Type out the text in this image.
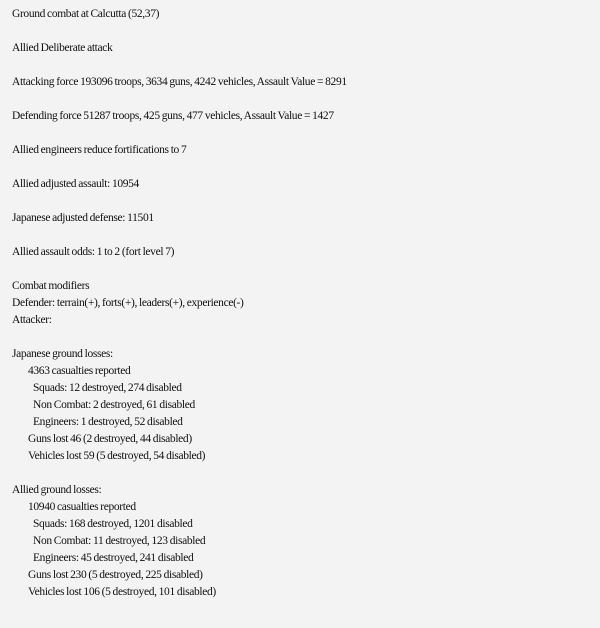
Ground combat at Calcutta (52,37)
Allied Deliberate attack
Attacking force 193096 troops, 3634 guns, 4242 vehicles, Assault Value = 8291
Defending force 51287 troops, 425 guns, 477 vehicles, Assault Value = 1427
Allied engineers reduce fortifications to 7
Allied adjusted assault: 10954
Japanese adjusted defense: 11501
Allied assault odds: 1 to 2 (fort level 7)
Combat modifiers
Defender: terrain(+), forts(+), leaders(+), experience(-)
Attacker:
Japanese ground losses:
4363 casualties reported
Squads: 12 destroyed, 274 disabled
Non Combat: 2 destroyed, 61 disabled
Engineers: 1 destroyed, 52 disabled
Guns lost 46 (2 destroyed, 44 disabled)
Vehicles lost 59 (5 destroyed, 54 disabled)
Allied ground losses:
10940 casualties reported
Squads: 168 destroyed, 1201 disabled
Non Combat: 11 destroyed, 123 disabled
Engineers: 45 destroyed, 241 disabled
Guns lost 230 (5 destroyed, 225 disabled)
Vehicles lost 106 (5 destroyed, 101 disabled)
